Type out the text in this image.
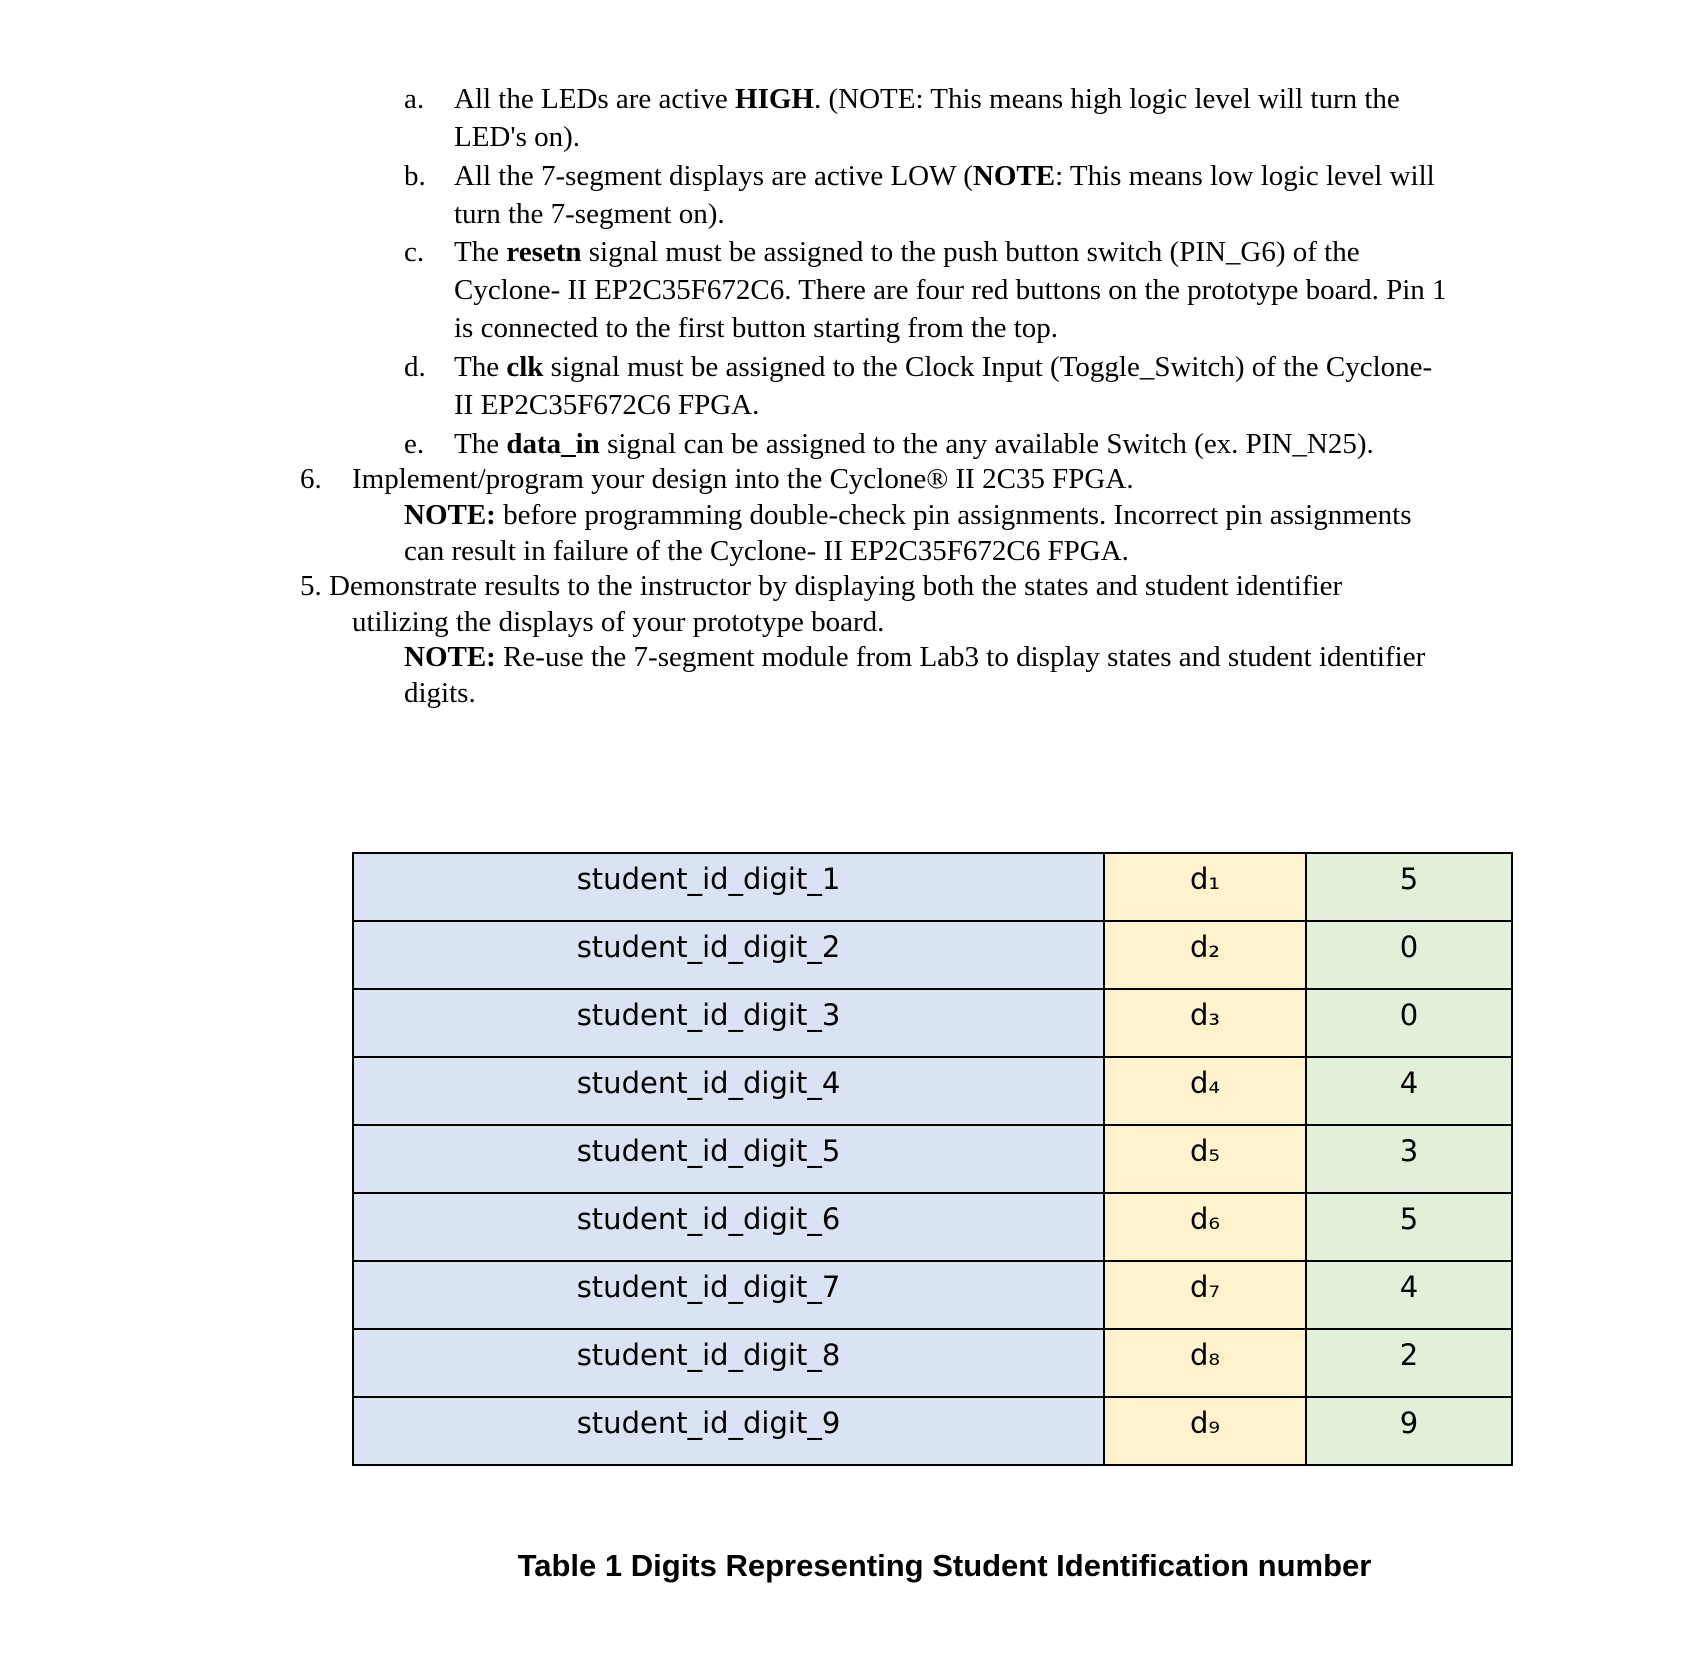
a. All the LEDs are active HIGH. (NOTE: This means high logic level will turn the
LED's on).
b. All the 7-segment displays are active LOW (NOTE: This means low logic level will
turn the 7-segment on).
c. The resetn signal must be assigned to the push button switch (PIN_G6) of the
Cyclone- II EP2C35F672C6. There are four red buttons on the prototype board. Pin 1
is connected to the first button starting from the top.
d. The clk signal must be assigned to the Clock Input (Toggle_Switch) of the Cyclone-
II EP2C35F672C6 FPGA.
e. The data_in signal can be assigned to the any available Switch (ex. PIN_N25).
6. Implement/program your design into the Cyclone® II 2C35 FPGA.
NOTE: before programming double-check pin assignments. Incorrect pin assignments
can result in failure of the Cyclone- II EP2C35F672C6 FPGA.
5. Demonstrate results to the instructor by displaying both the states and student identifier
utilizing the displays of your prototype board.
NOTE: Re-use the 7-segment module from Lab3 to display states and student identifier
digits.
student_id_digit_1	d₁	5
student_id_digit_2	d₂	0
student_id_digit_3	d₃	0
student_id_digit_4	d₄	4
student_id_digit_5	d₅	3
student_id_digit_6	d₆	5
student_id_digit_7	d₇	4
student_id_digit_8	d₈	2
student_id_digit_9	d₉	9
Table 1 Digits Representing Student Identification number
